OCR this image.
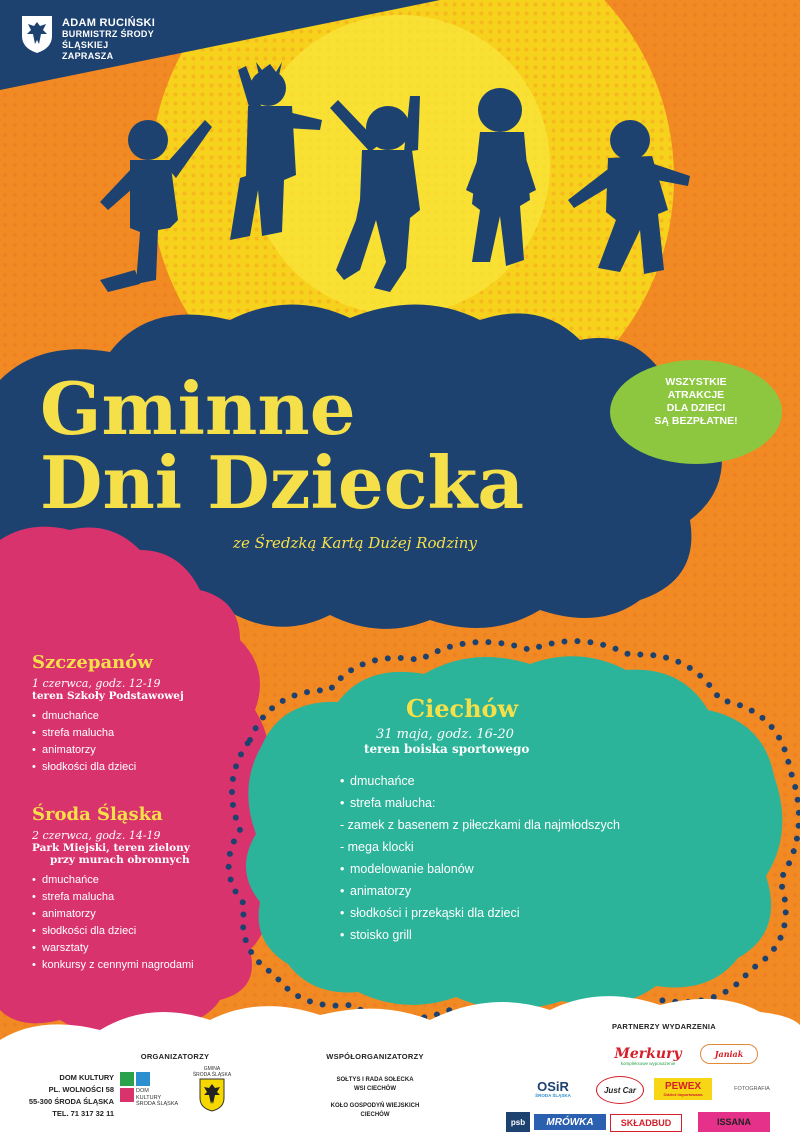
ADAM RUCIŃSKI
BURMISTRZ ŚRODY ŚLĄSKIEJ
ZAPRASZA
Gminne
Dni Dziecka
ze Średzką Kartą Dużej Rodziny
WSZYSTKIE
ATRAKCJE
DLA DZIECI
SĄ BEZPŁATNE!
Szczepanów
1 czerwca, godz. 12-19
teren Szkoły Podstawowej
• dmuchańce
• strefa malucha
• animatorzy
• słodkości dla dzieci
Środa Śląska
2 czerwca, godz. 14-19
Park Miejski, teren zielony
przy murach obronnych
• dmuchańce
• strefa malucha
• animatorzy
• słodkości dla dzieci
• warsztaty
• konkursy z cennymi nagrodami
Ciechów
31 maja, godz. 16-20
teren boiska sportowego
• dmuchańce
• strefa malucha:
- zamek z basenem z piłeczkami dla najmłodszych
- mega klocki
• modelowanie balonów
• animatorzy
• słodkości i przekąski dla dzieci
• stoisko grill
ORGANIZATORZY
DOM KULTURY
PL. WOLNOŚCI 58
55-300 ŚRODA ŚLĄSKA
TEL. 71 317 32 11
DOM
KULTURY
ŚRODA ŚLĄSKA
GMINA
ŚRODA ŚLĄSKA
WSPÓŁORGANIZATORZY
SOŁTYS I RADA SOŁECKA
WSI CIECHÓW
KOŁO GOSPODYŃ WIEJSKICH
CIECHÓW
PARTNERZY WYDARZENIA
Merkury
kompleksowe wyposażenie
Janiak
OSiR
ŚRODA ŚLĄSKA
Just Car	PEWEX
Odzież importowana
FOTOGRAFIA
psb	MRÓWKA	SKŁADBUD	ISSANA
